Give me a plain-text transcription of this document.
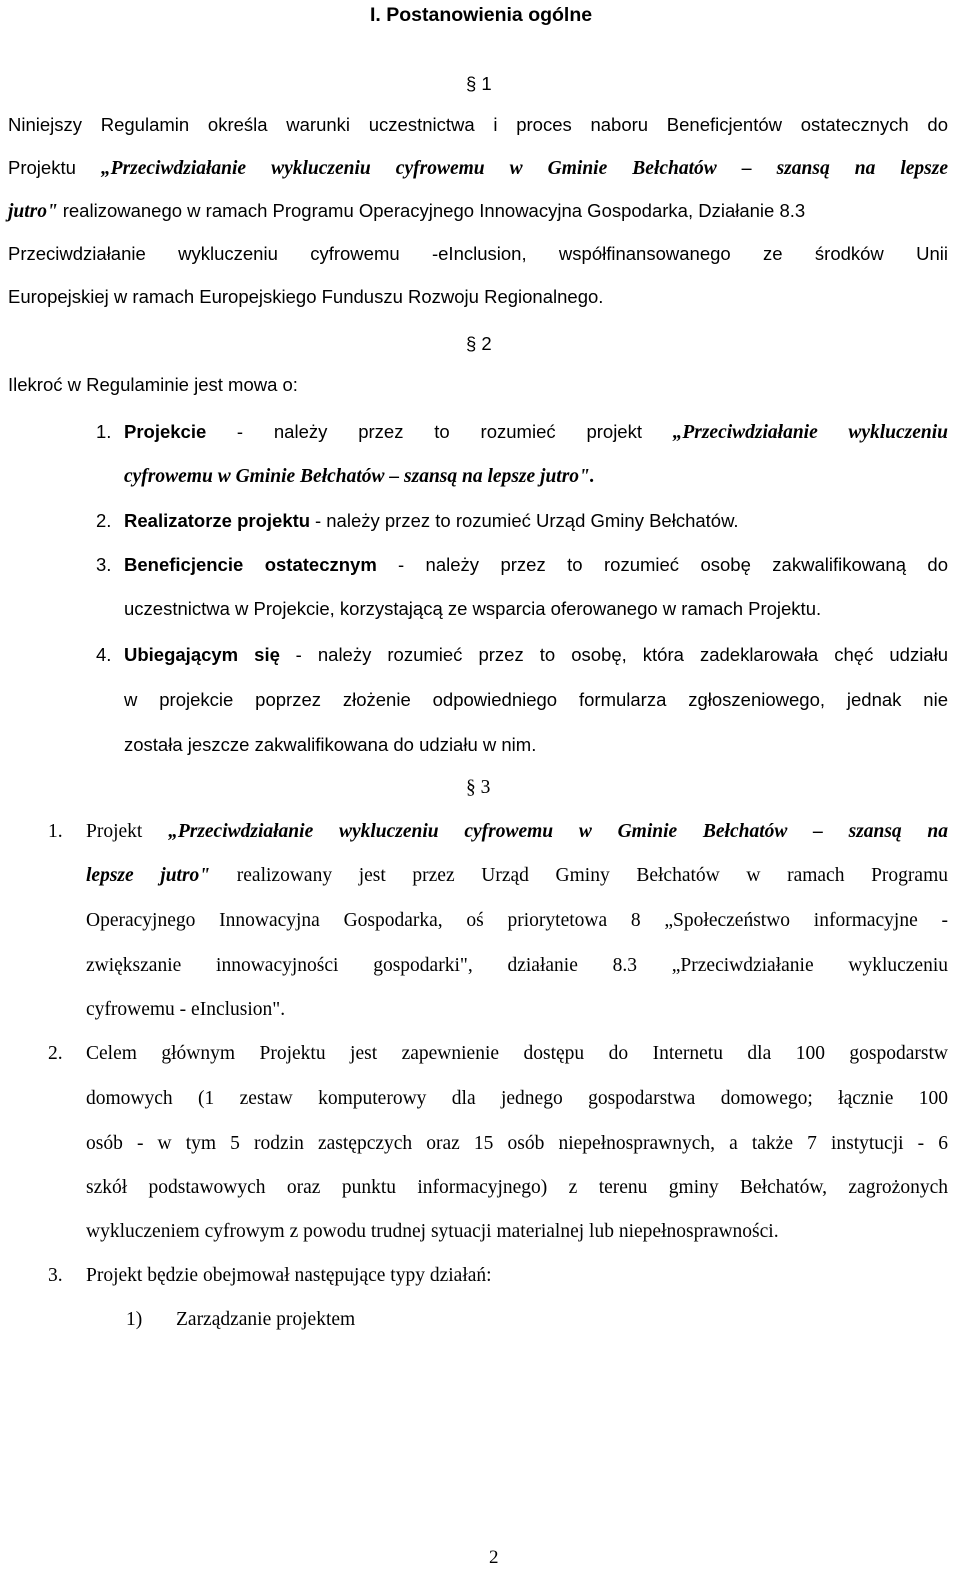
I. Postanowienia ogólne
§ 1
Niniejszy Regulamin określa warunki uczestnictwa i proces naboru Beneficjentów ostatecznych do
Projektu „Przeciwdziałanie wykluczeniu cyfrowemu w Gminie Bełchatów – szansą na lepsze
jutro" realizowanego w ramach Programu Operacyjnego Innowacyjna Gospodarka, Działanie 8.3
Przeciwdziałanie wykluczeniu cyfrowemu -eInclusion, współfinansowanego ze środków Unii
Europejskiej w ramach Europejskiego Funduszu Rozwoju Regionalnego.
§ 2
Ilekroć w Regulaminie jest mowa o:
1. Projekcie - należy przez to rozumieć projekt „Przeciwdziałanie wykluczeniu
cyfrowemu w Gminie Bełchatów – szansą na lepsze jutro".
2. Realizatorze projektu - należy przez to rozumieć Urząd Gminy Bełchatów.
3. Beneficjencie ostatecznym - należy przez to rozumieć osobę zakwalifikowaną do
uczestnictwa w Projekcie, korzystającą ze wsparcia oferowanego w ramach Projektu.
4. Ubiegającym się - należy rozumieć przez to osobę, która zadeklarowała chęć udziału
w projekcie poprzez złożenie odpowiedniego formularza zgłoszeniowego, jednak nie
została jeszcze zakwalifikowana do udziału w nim.
§ 3
1. Projekt „Przeciwdziałanie wykluczeniu cyfrowemu w Gminie Bełchatów – szansą na
lepsze jutro" realizowany jest przez Urząd Gminy Bełchatów w ramach Programu
Operacyjnego Innowacyjna Gospodarka, oś priorytetowa 8 „Społeczeństwo informacyjne -
zwiększanie innowacyjności gospodarki", działanie 8.3 „Przeciwdziałanie wykluczeniu
cyfrowemu - eInclusion".
2. Celem głównym Projektu jest zapewnienie dostępu do Internetu dla 100 gospodarstw
domowych (1 zestaw komputerowy dla jednego gospodarstwa domowego; łącznie 100
osób - w tym 5 rodzin zastępczych oraz 15 osób niepełnosprawnych, a także 7 instytucji - 6
szkół podstawowych oraz punktu informacyjnego) z terenu gminy Bełchatów, zagrożonych
wykluczeniem cyfrowym z powodu trudnej sytuacji materialnej lub niepełnosprawności.
3. Projekt będzie obejmował następujące typy działań:
1) Zarządzanie projektem
2
